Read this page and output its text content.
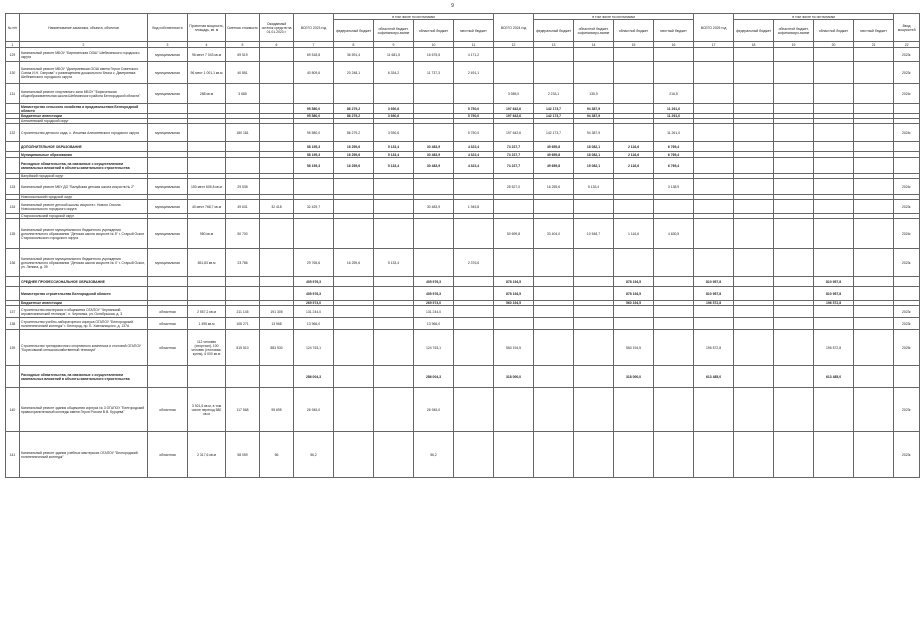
9
№ п/п	Наименование заказчика, объекта, объектов	Вид собственности	Проектная мощность, площадь, кв. м	Сметная стоимость	Ожидаемый остаток средств на 01.01.2023 г.	ВСЕГО 2023 год	в том числе по источникам				ВСЕГО 2024 год	в том числе по источникам				ВСЕГО 2025 год	в том числе по источникам				Ввод мощностей
							федеральный бюджет	областной бюджет, софинансиро-вание	областной бюджет	местный бюджет		федеральный бюджет	областной бюджет, софинансиро-вание	областной бюджет	местный бюджет		федеральный бюджет	областной бюджет, софинансиро-вание	областной бюджет	местный бюджет	
1	2	3	4	5	6	7	8	9	10	11	12	13	14	15	16	17	18	19	20	21	22
129	Капитальный ремонт МБОУ "Бирюченская ООШ" Шебекинского городского округа	муниципальная	96 мест 7 043 кв.м	69 519		69 518,8	36 591,4	11 681,5	16 675,5	4 171,2											2023г.
130	Капитальный ремонт МБОУ "Дмитриевская ООШ имени Героя Советского Союза И.Н. Озерова" с размещением дошкольного блока с. Дмитриевка Шебекинского городского округа	муниципальная	96 мест 1 001,1 кв.м	40 851		40 809,6	20 248,1	6 334,2	11 737,3	2 491,1											2023г.
131	Капитальный ремонт спортивного зала МБОУ "Бирюченская общеобразовательная школа Шебекинского района Белгородской области"	муниципальная	288 кв.м	3 685							3 985,0	2 233,1	135,9		216,5						2024г.
	Министерство сельского хозяйства и продовольствия Белгородской области					95 580,0	86 279,2	3 930,6		5 750,0	197 642,6	142 173,7	94 387,9		11 261,0						
	Бюджетные инвестиции					95 580,0	86 279,2	3 930,6		5 750,0	197 642,6	142 173,7	94 387,9		11 261,0						
	Алексеевский городской округ																				
132	Строительство детского сада, с. Ильинка Алексеевского городского округа	муниципальная		180 181		95 580,0	86 279,2	3 930,6		5 750,0	197 642,6	142 173,7	94 387,9		11 261,0						2024г.
	ДОПОЛНИТЕЛЬНОЕ ОБРАЗОВАНИЕ					58 195,3	16 259,6	5 133,4	30 483,9	4 322,4	74 227,7	49 659,8	18 082,1	2 116,6	6 769,4						
	Муниципальные образования					58 195,3	16 259,6	5 133,4	30 483,9	4 322,4	74 227,7	49 659,8	18 082,1	2 116,6	6 769,4						
	Расходные обязательства, на связанные с осуществлением капитальных вложений в объекты капитального строительства					58 195,3	16 259,6	5 133,4	30 483,9	4 322,4	74 227,7	49 659,8	15 082,1	2 116,6	6 769,4						
	Валуйский городской округ																				
133	Капитальный ремонт МБУ ДО "Валуйская детская школа искусств № 2"	муниципальная	150 мест 605,8 кв.м	29 538							28 527,0	16 255,6	5 133,4		3 138,9						2024г.
	Новооскольский городской округ																				
134	Капитальный ремонт детской школы искусств г. Нового Оскола Новооскольского городского округа	муниципальная	40 мест 768,7 кв.м	49 631	32 418	32 429,7			30 483,9	1 945,8											2023г.
	Старооскольский городской округ																				
135	Капитальный ремонт муниципального бюджетного учреждения дополнительного образования "Детская школа искусств № 5" г. Старый Оскол Старооскольского городского округа	муниципальная	980 кв.м	50 700							50 699,8	33 404,0	10 548,7	1 116,6	4 630,5						2024г.
136	Капитальный ремонт муниципального бюджетного учреждения дополнительного образования "Детская школа искусств № 4" г. Старый Оскол, ул. Ленина, д. 39	муниципальная	851,83 кв.м	23 786		29 765,6	16 259,6	5 133,4		2 376,6											2023г.
	СРЕДНЕЕ ПРОФЕССИОНАЛЬНОЕ ОБРАЗОВАНИЕ					405 976,3			405 976,3		878 194,5			878 194,5		810 957,8			810 957,8		
	Министерство строительства Белгородской области					405 976,3			405 976,3		878 194,5			878 194,5		810 957,8			810 957,8		
	Бюджетные инвестиции					269 974,0			269 974,0		560 194,5			560 194,5		196 572,8			196 572,8		
137	Строительство мастерских и общежития ОГАПОУ "Чернянский агромеханический техникум", п. Чернянка, ул. Октябрьская, д. 3	областная	2 557,2 кв.м	211 145	191 305	131 244,0			131 244,0												2023г.
138	Строительство учебно-лабораторного корпуса ОГАПОУ "Белгородский политехнический колледж" г. Белгород, пр. Б. Хмельницкого, д. 137А	областная	1 495 кв.м	108 271	13 968	13 966,0			13 966,0												2023г.
139	Строительство тренировочного спортивного комплекса и столовой ОГАПОУ "Борисовский сельскохозяйственный техникум"	областная	112 человек (спортзал), 100 человек (столовая-кухня), 6 000 кв.м	815 510	883 530	124 763,1			124 763,1		560 194,5			560 194,5		196 572,8			196 572,8		2025г.
	Расходные обязательства, на связанные с осуществлением капитальных вложений в объекты капитального строительства					286 004,3			286 004,3		318 000,0			318 000,0		613 485,0			613 485,0		
140	Капитальный ремонт здания общежития корпуса № 3 ОГАПОУ "Белгородский правоохранительный колледж имени Героя России В.В. Бурцева"	областная	3 921,6 кв.м, в том числе переход 580 кв.м	117 568	95 695	26 945,0			26 945,0												2023г.
141	Капитальный ремонт здания учебных мастерских ОГАПОУ "Белгородский политехнический колледж"	областная	2 317,6 кв.м	58 059	56	56,2			56,2												2023г.
